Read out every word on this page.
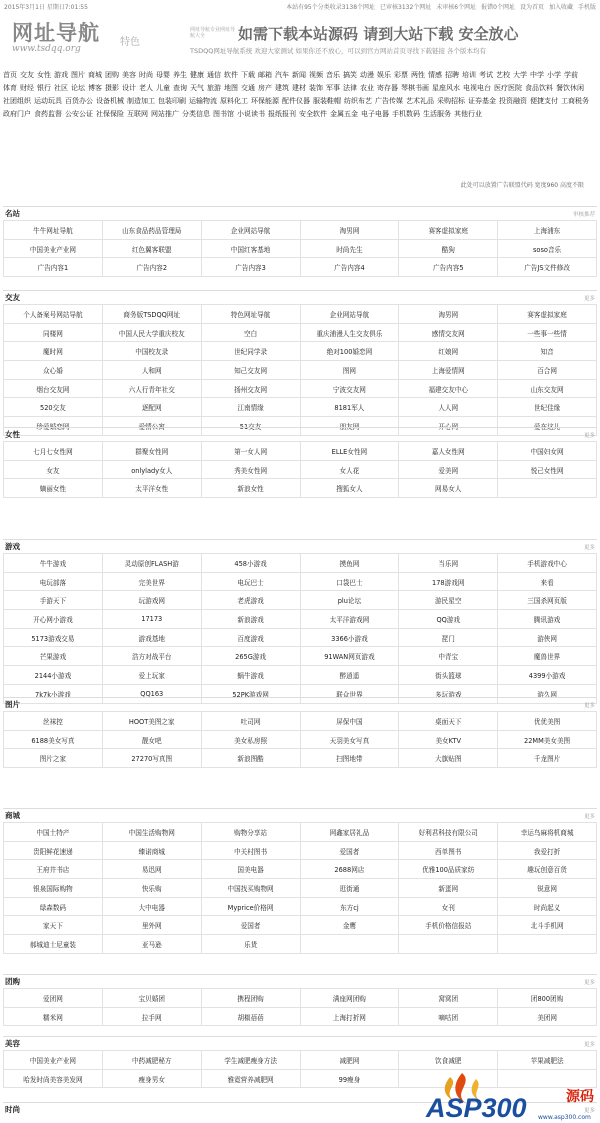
2015年3月1日 星期日7:01:55	本站有95个分类收录3138个网址 已审核3132个网址 未审核6个网址 报错0个网址 设为首页 加入收藏 手机版
网址导航
www.tsdqq.org
特色
网址导航专业网址导航大全	如需下载本站源码 请到大站下载 安全放心
TSDQQ网址导航系统 欢迎大家测试 如果你还不放心，可以到官方网站首页寻找下载链接 各个版本均有
首页 交友 女性 游戏 图片 商城 团购 美容 时尚 母婴 养生 健康 通信 软件 下载 邮箱 汽车 新闻 视频 音乐 搞笑 动漫 娱乐 彩票 两性 情感 招聘 培训 考试 艺校 大学 中学 小学 学前体育 财经 银行 社区 论坛 博客 摄影 设计 老人 儿童 查询 天气 旅游 地图 交通 房产 建筑 建材 装饰 军事 法律 农业 寄存器 琴棋书画 星座风水 电视电台 医疗医院 食品饮料 餐饮休闲社团组织 运动玩具 百货办公 设备机械 制造加工 包装印刷 运输物流 原料化工 环保能源 配件仪器 服装鞋帽 纺织布艺 广告传媒 艺术礼品 采购招标 证券基金 投资融资 便捷支付 工商税务政府门户 食药监督 公安公证 社保保险 互联网 网站推广 分类信息 图书馆 小说读书 报纸报刊 安全软件 金属五金 电子电器 手机数码 生活服务 其他行业
此处可以放置广告联盟代码 宽度960 高度不限
名站	审核推荐
牛牛网址导航	山东食品药品管理局	企业网站导航	淘男网	赛客虚拟家庭	上海浦东
中国美业产业网	红色翼客联盟	中国红客基地	时尚先生	酷狗	soso音乐
广告内容1	广告内容2	广告内容3	广告内容4	广告内容5	广告JS文件修改
交友	更多
个人备案号网站导航	商务版TSDQQ网址	特色网址导航	企业网站导航	淘男网	赛客虚拟家庭
同楼网	中国人民大学重庆校友	空白	重庆浦漫人生交友俱乐	感情交友网	一些事一些情
魔时网	中国校友录	世纪同学录	绝对100婚恋网	红娘网	知音
众心婚	人和网	知己交友网	图网	上海爱情网	百合网
烟台交友网	六人行青年社交	扬州交友网	宁波交友网	福建交友中心	山东交友网
520交友	逐配网	江南情缘	8181军人	人人网	世纪佳缘
珍爱婚恋网	爱情公寓	51交友	朋友网	开心网	爱在这儿
女性	更多
七月七女性网	群聚女性网	第一女人网	ELLE女性网	嘉人女性网	中国妇女网
女友	onlylady女人	秀美女性网	女人花	爱美网	悦己女性网
嫡丽女性	太平洋女性	新浪女性	搜狐女人	网易女人
游戏	更多
牛牛游戏	灵动原创FLASH游	458小游戏	摸鱼网	当乐网	手机游戏中心
电玩部落	完美世界	电玩巴士	口袋巴士	178游戏网	来看
手游天下	玩游戏网	老虎游戏	plu论坛	游民星空	三国杀网页版
开心网小游戏	17173	新浪游戏	太平洋游戏网	QQ游戏	腾讯游戏
5173游戏交易	游戏基地	百度游戏	3366小游戏	琵门	游侠网
芒果游戏	浩方对战平台	265G游戏	91WAN网页游戏	中青宝	魔兽世界
2144小游戏	爱上玩家	蜗牛游戏	醉逍遥	街头篮球	4399小游戏
7k7k小游戏	QQ163	52PK游戏网	联众世界	多玩游戏	游久网
图片	更多
丝袜控	HOOT美图之家	吐司网	屏保中国	桌面天下	优优美图
6188美女写真	靓女吧	美女私房照	天羽美女写真	美女KTV	22MM美女美图
图片之家	27270写真图	新浪图酷	扫图地带	大旗贴图	千龙图片
商城	更多
中国土特产	中国生活购物网	购物分享站	网鑫家居礼品	好利君科技有限公司	幸运鸟麻将机商城
贵阳鲜花速递	臻诺商城	中关村图书	爱国者	西单图书	我爱打折
王府井书店	易迅网	国美电器	2688网店	优雅100品质家纺	趣玩创意百货
银泉国际购物	快乐购	中国找买购物网	逛街通	新蛋网	锐意网
绿森数码	大中电器	Myprice价格网	东方cj	女刊	时尚起义
家天下	里外网	爱国者	金鹰	手机价格信报站	北斗手机网
郝城迪士尼童装	亚马逊	乐货
团购	更多
爱团网	宝贝婚团	携程团购	满座网团购	窝窝团	团800团购
糯米网	拉手网	胡椒蓓蓓	上海打折网	嘀咕团	美团网
美容	更多
中国美业产业网	中药减肥秘方	学生减肥瘦身方法	减肥网	饮食减肥	苹果减肥法
哈发时尚美容美发网	瘦身男女	雅霓营养减肥网	99瘦身
时尚	更多
ASP300	源码
www.asp300.com
